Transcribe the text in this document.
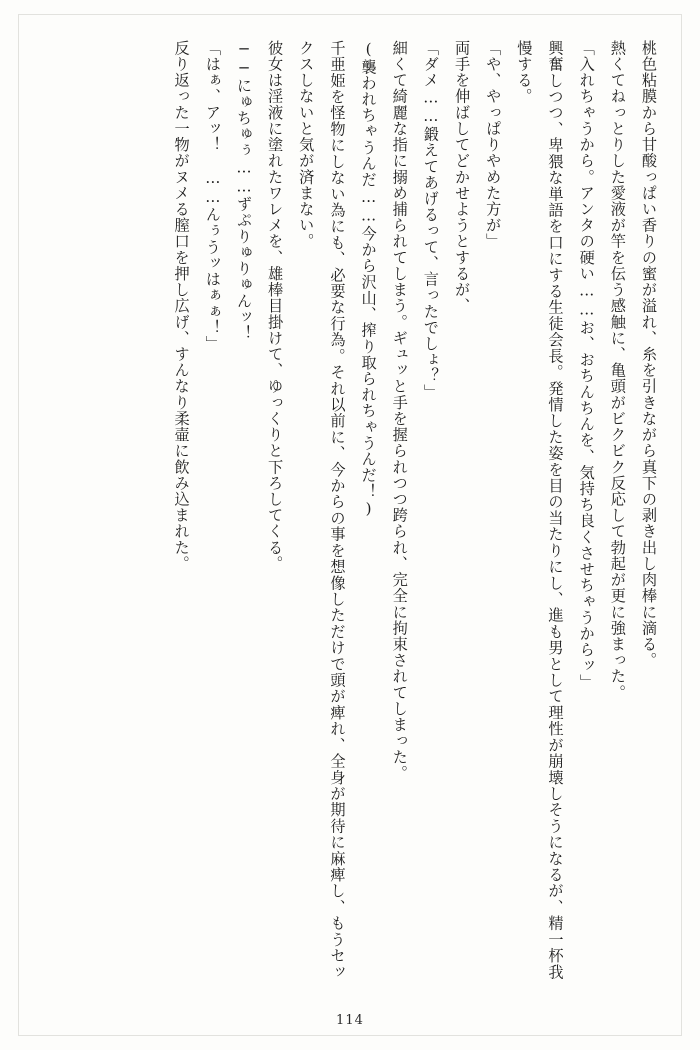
桃色粘膜から甘酸っぱい香りの蜜が溢れ、糸を引きながら真下の剥き出し肉棒に滴る。

熱くてねっとりした愛液が竿を伝う感触に、亀頭がビクビク反応して勃起が更に強まった。

「入れちゃうから。アンタの硬い……お、おちんちんを、気持ち良くさせちゃうからッ」

興奮しつつ、卑猥な単語を口にする生徒会長。発情した姿を目の当たりにし、進も男として理性が崩壊しそうになるが、精一杯我慢する。

「や、やっぱりやめた方が」

両手を伸ばしてどかせようとするが、

「ダメ……鍛えてあげるって、言ったでしょ？」

細くて綺麗な指に搦め捕られてしまう。ギュッと手を握られつつ跨られ、完全に拘束されてしまった。

(襲われちゃうんだ……今から沢山、搾り取られちゃうんだ！)

千亜姫を怪物にしない為にも、必要な行為。それ以前に、今からの事を想像しただけで頭が痺れ、全身が期待に麻痺し、もうセックスしないと気が済まない。

彼女は淫液に塗れたワレメを、雄棒目掛けて、ゆっくりと下ろしてくる。

──にゅちゅぅ……ずぷりゅりゅんッ！

「はぁ、アッ！　……んぅうッはぁぁ！」

反り返った一物がヌメる膣口を押し広げ、すんなり柔壷に飲み込まれた。

114
